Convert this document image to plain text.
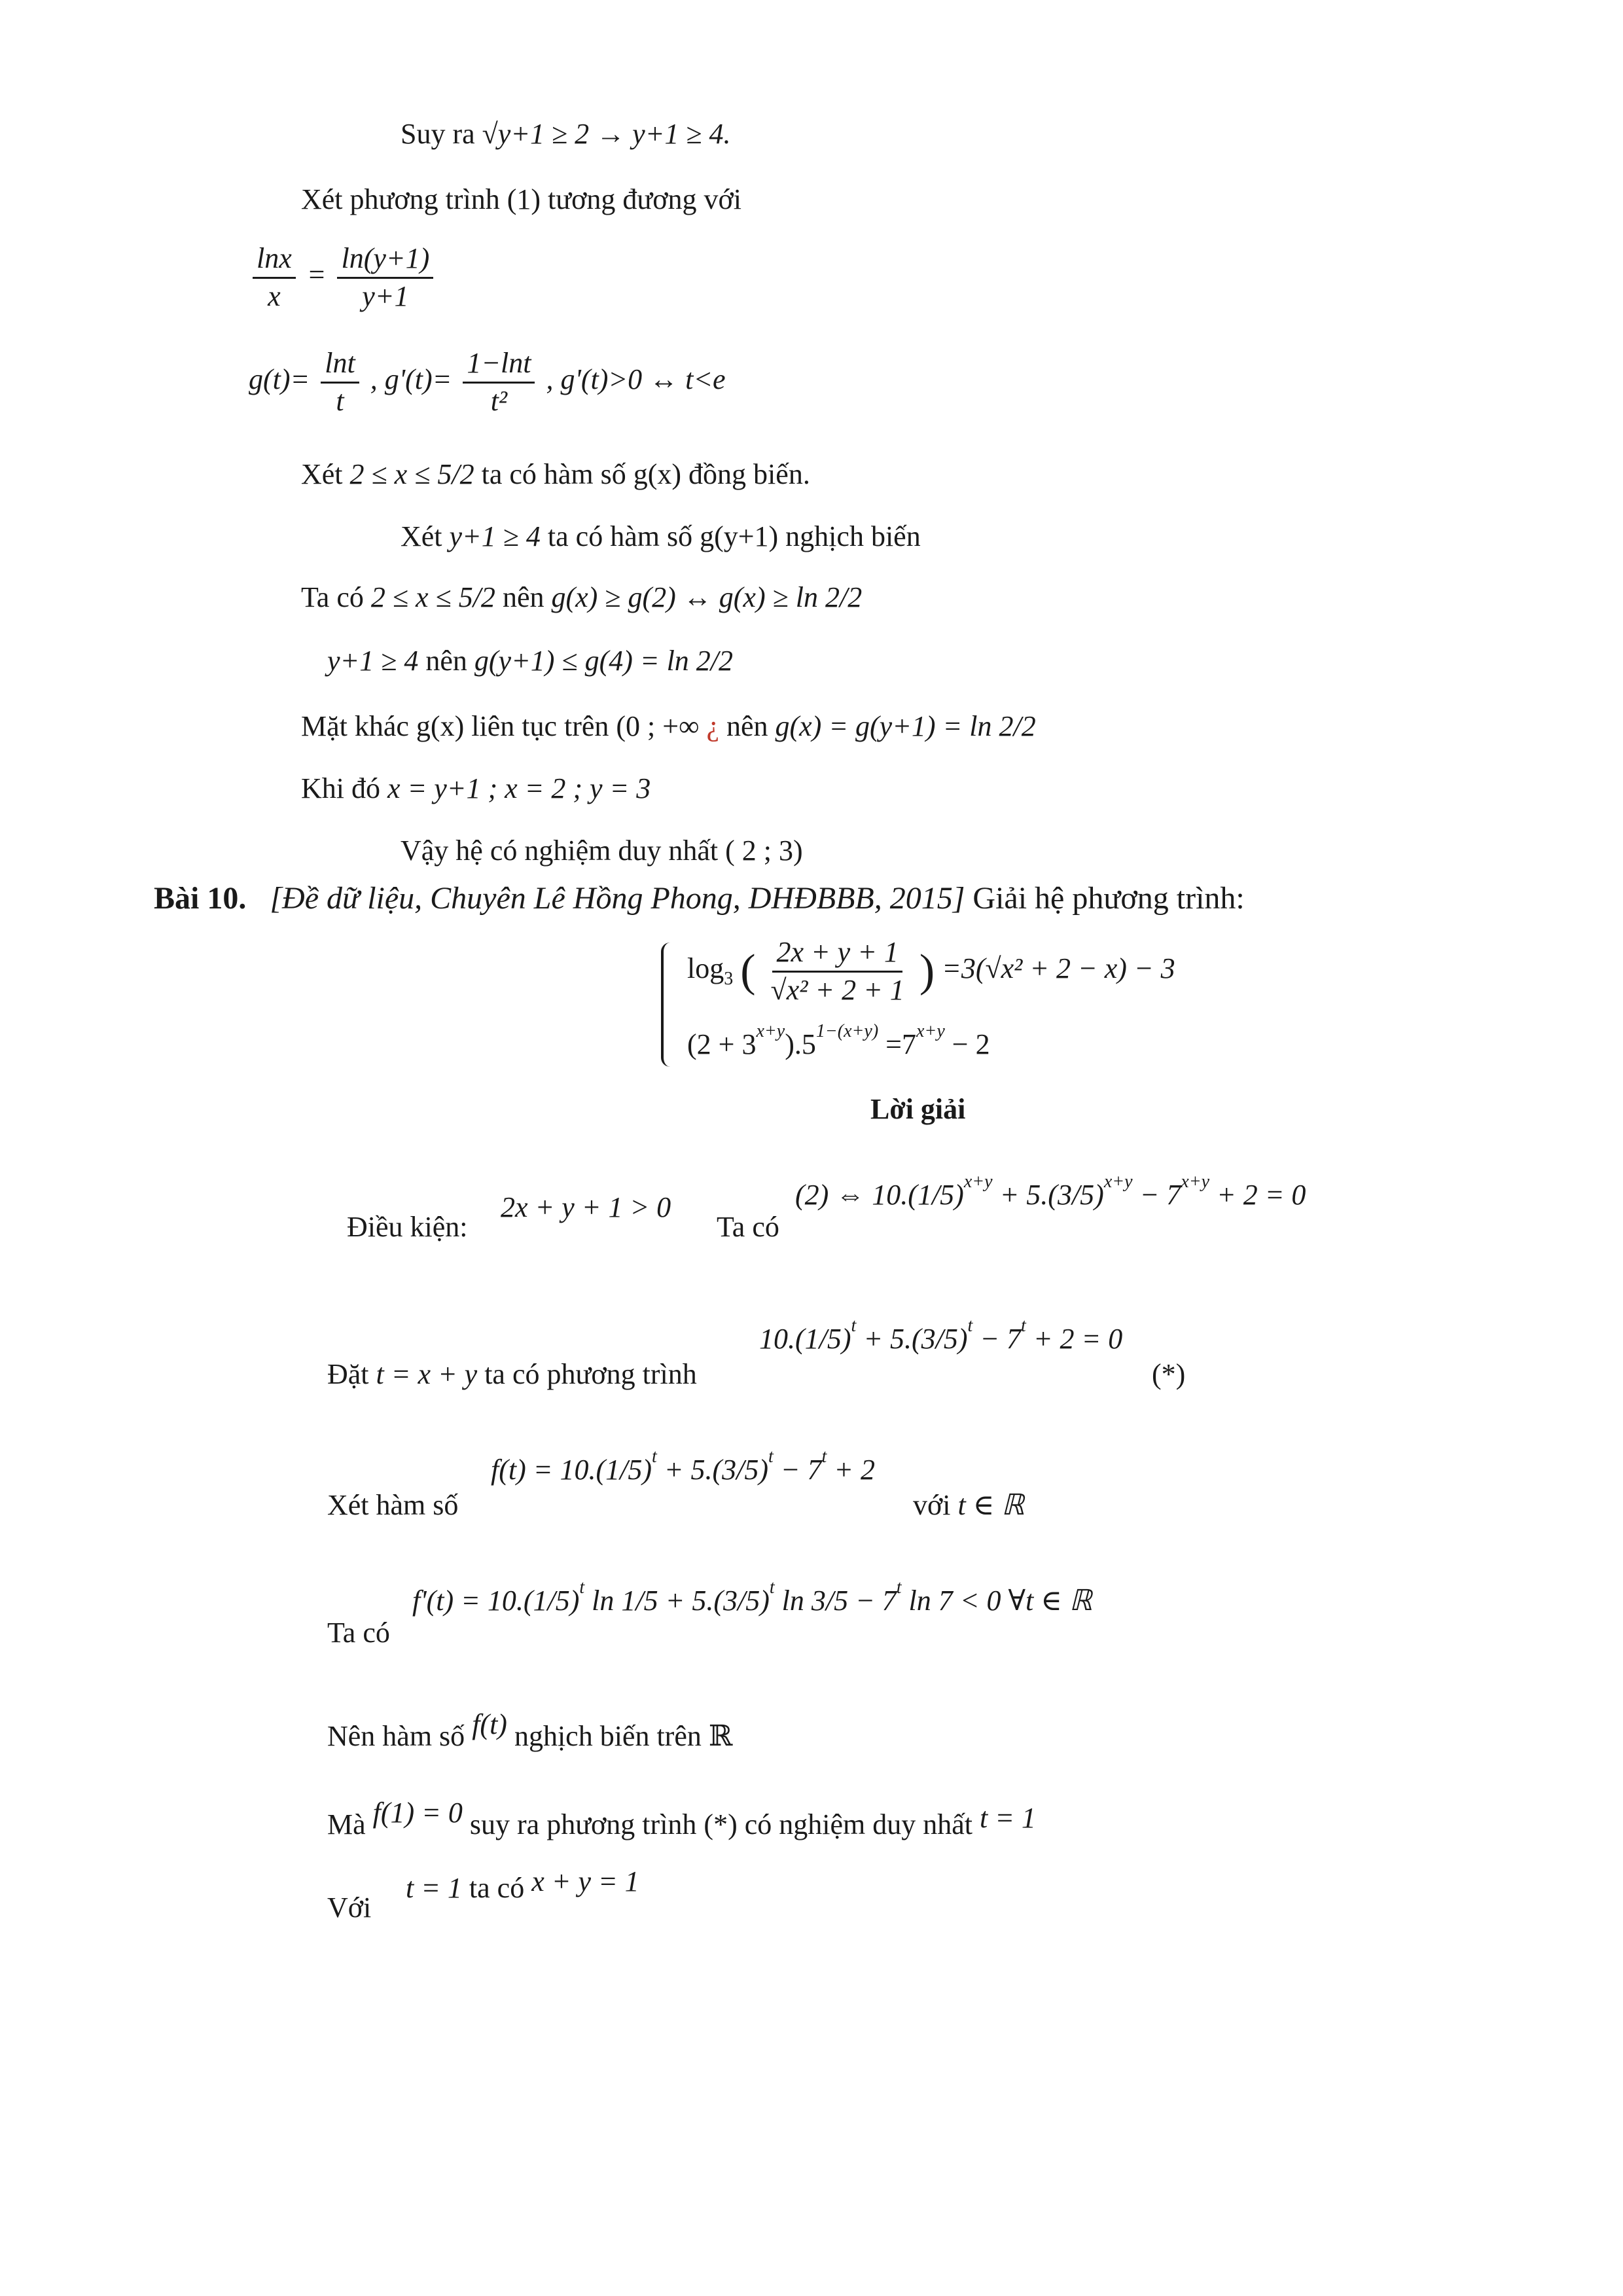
Suy ra √y+1 ≥ 2 → y+1 ≥ 4.
Xét phương trình (1) tương đương với
$\frac{\ln x}{x} = \frac{\ln(y+1)}{y+1}$
$g(t)= \frac{\ln t}{t}$ , $g'(t)= \frac{1-\ln t}{\text{t²}}$ , g'(t)>0 ↔ t<e
Xét 2 ≤ x ≤ 5/2 ta có hàm số g(x) đồng biến.
Xét y+1 ≥ 4 ta có hàm số g(y+1) nghịch biến
Ta có 2 ≤ x ≤ 5/2 nên g(x) ≥ g(2) ↔ g(x) ≥ ln 2/2
y+1 ≥ 4 nên g(y+1) ≤ g(4) = ln 2/2
Mặt khác g(x) liên tục trên (0 ; +∞ ¿ nên g(x) = g(y+1) = ln 2/2
Khi đó x = y+1 ; x = 2 ; y = 3
Vậy hệ có nghiệm duy nhất ( 2 ; 3)
Bài 10. [Đề dữ liệu, Chuyên Lê Hồng Phong, DHĐBBB, 2015] Giải hệ phương trình:
$\log_3$ ( $\frac{2x + y + 1}{\text{√x² + 2 + 1}}$ ) =3(√x² + 2 − x) − 3
$(2 + 3^{x+y}).5^{1-(x+y)} =7^{x+y} - 2$
Lời giải
Điều kiện:
2x + y + 1 > 0
Ta có
(2) ⇔ $10.(1/5)^{x+y} + 5.(3/5)^{x+y} - 7^{x+y} + 2 = 0$
Đặt t = x + y ta có phương trình
$10.(1/5)^t + 5.(3/5)^t - 7^t + 2 = 0$
(*)
Xét hàm số
$f(t) = 10.(1/5)^t + 5.(3/5)^t - 7^t + 2$
với t ∈ ℝ
Ta có
$f'(t) = 10.(1/5)^t$ $\ln 1/5 + 5.(3/5)^t$ $\ln 3/5 - 7^t$ ln 7 < 0 ∀t ∈ ℝ
Nên hàm số f(t) nghịch biến trên ℝ
Mà f(1) = 0 suy ra phương trình (*) có nghiệm duy nhất t = 1
Với
t = 1 ta có x + y = 1
